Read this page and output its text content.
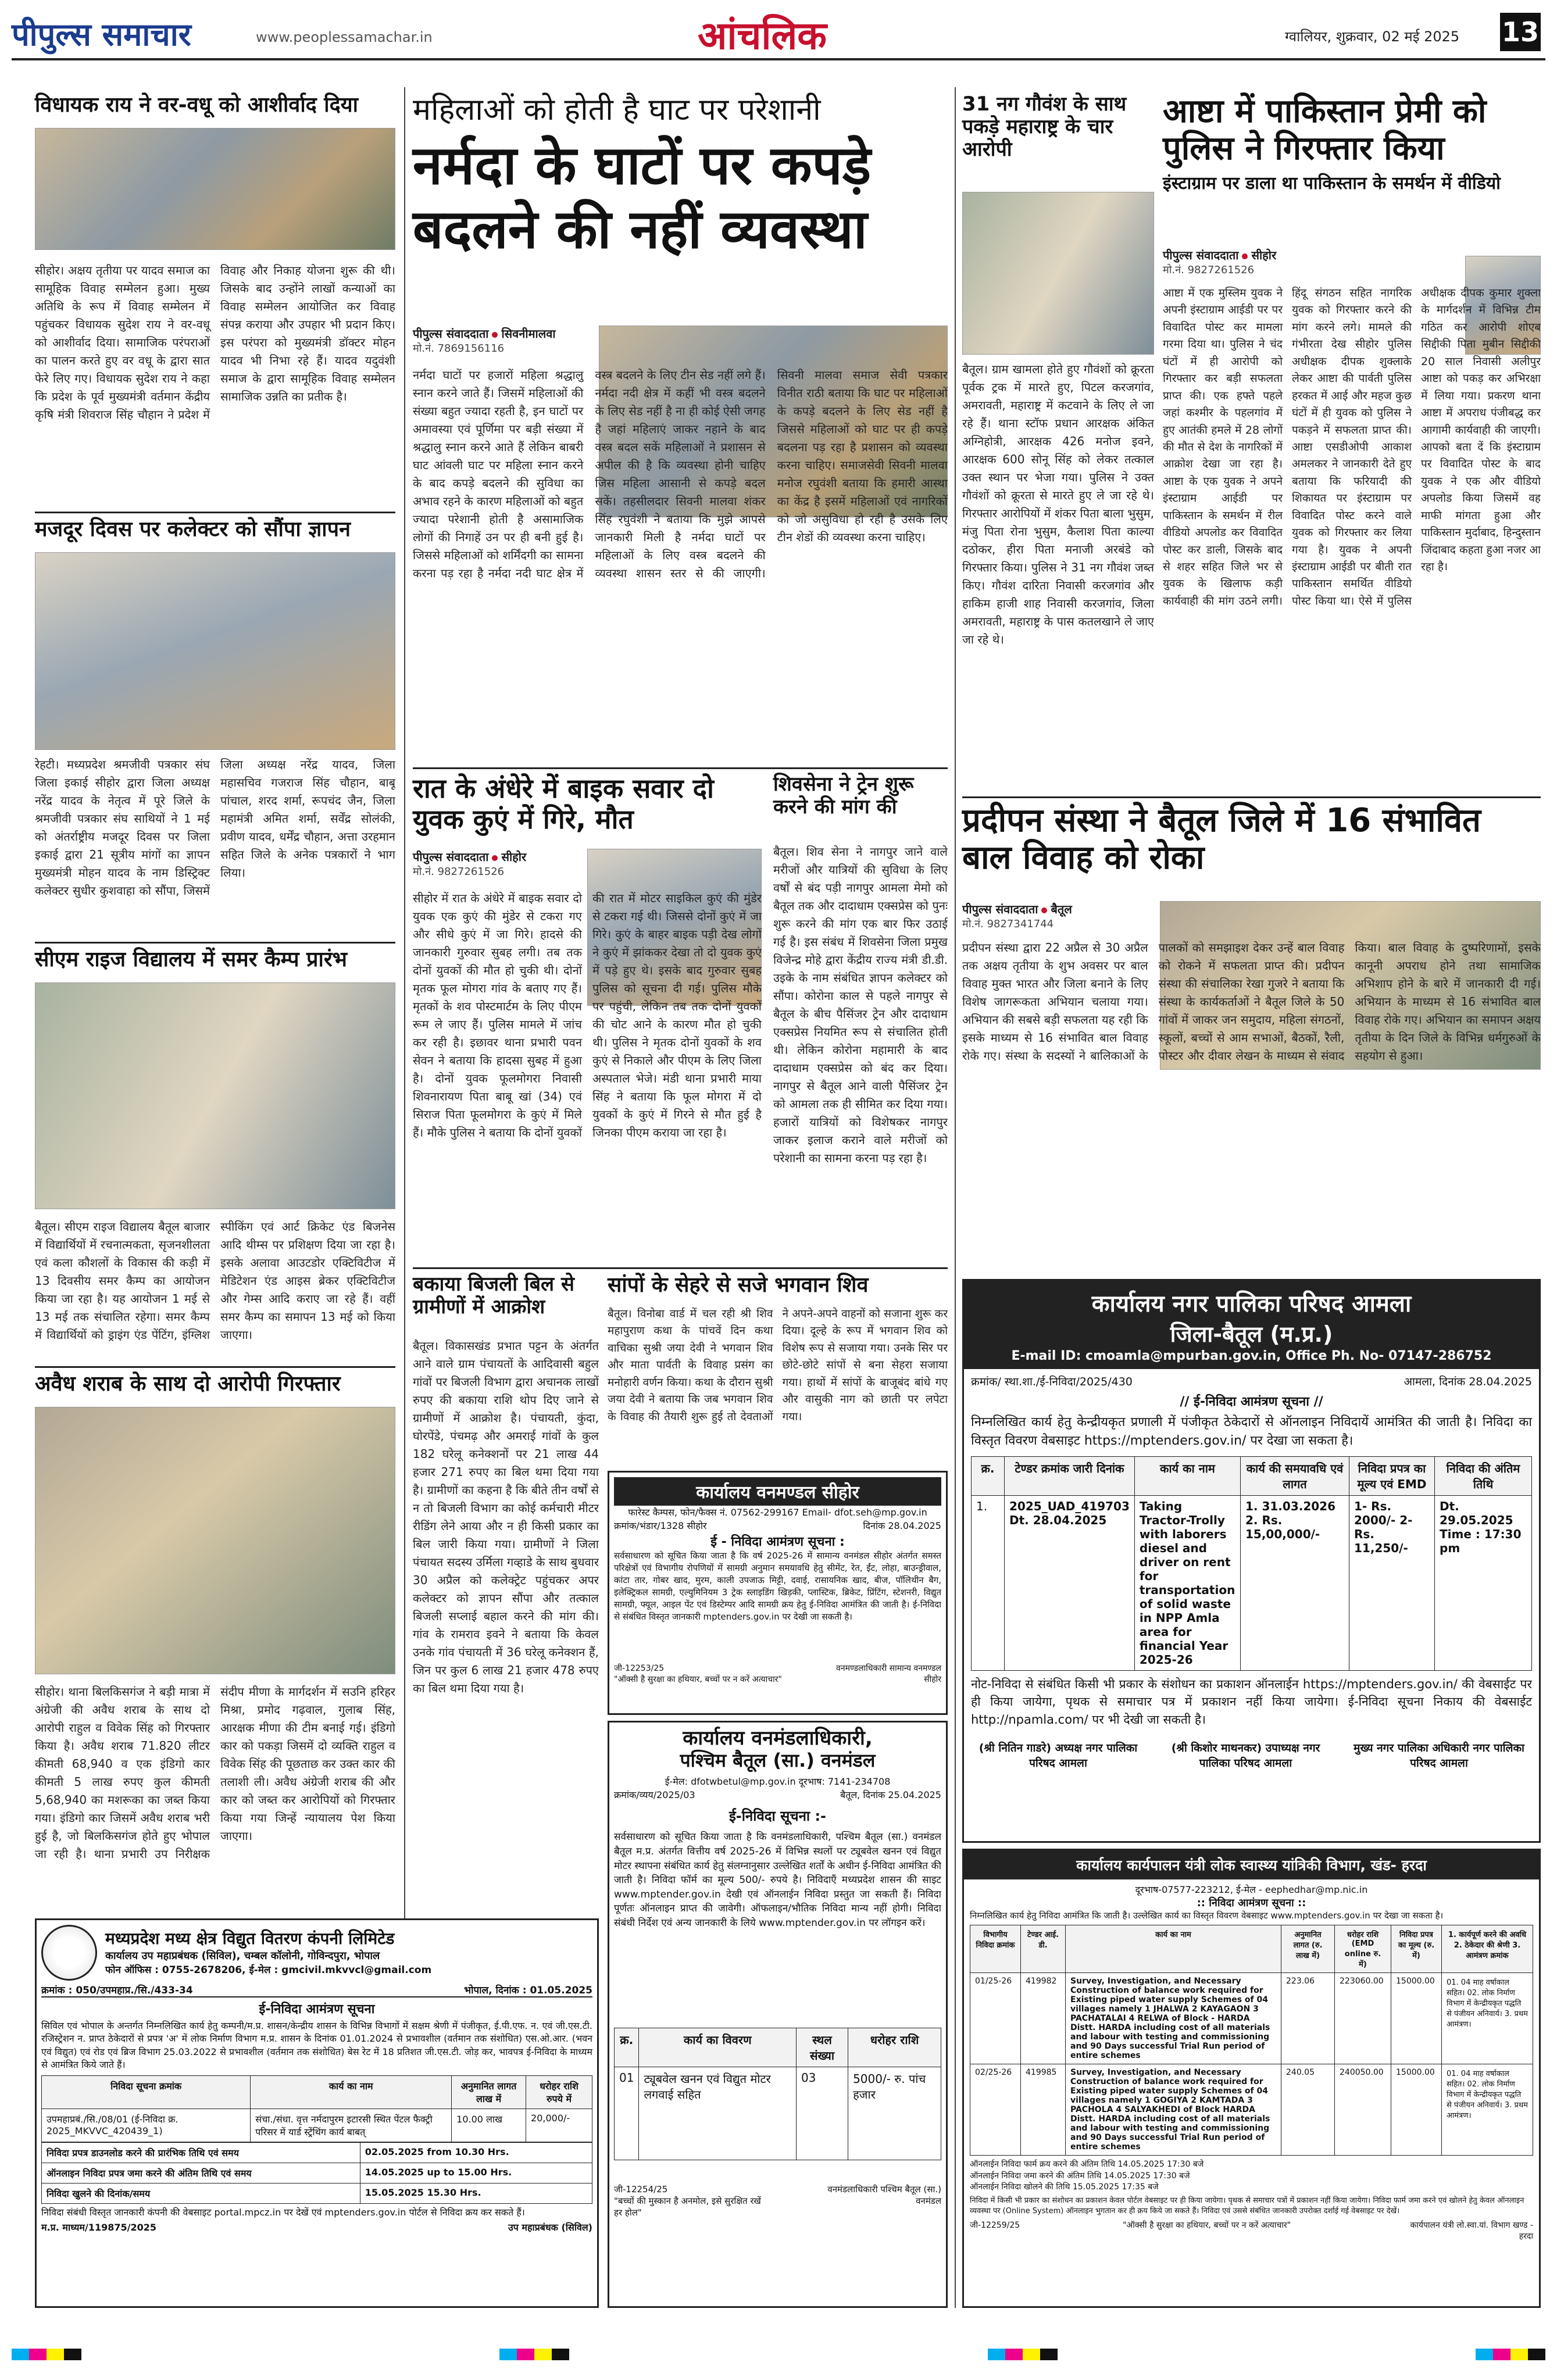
पीपुल्स समाचार	www.peoplessamachar.in	आंचलिक	ग्वालियर, शुक्रवार, 02 मई 2025 13
विधायक राय ने वर-वधू को आशीर्वाद दिया
सीहोर। अक्षय तृतीया पर यादव समाज का सामूहिक विवाह सम्मेलन हुआ। मुख्य अतिथि के रूप में विवाह सम्मेलन में पहुंचकर विधायक सुदेश राय ने वर-वधू को आशीर्वाद दिया। सामाजिक परंपराओं का पालन करते हुए वर वधू के द्वारा सात फेरे लिए गए। विधायक सुदेश राय ने कहा कि प्रदेश के पूर्व मुख्यमंत्री वर्तमान केंद्रीय कृषि मंत्री शिवराज सिंह चौहान ने प्रदेश में विवाह और निकाह योजना शुरू की थी। जिसके बाद उन्होंने लाखों कन्याओं का विवाह सम्मेलन आयोजित कर विवाह संपन्न कराया और उपहार भी प्रदान किए। इस परंपरा को मुख्यमंत्री डॉक्टर मोहन यादव भी निभा रहे हैं। यादव यदुवंशी समाज के द्वारा सामूहिक विवाह सम्मेलन सामाजिक उन्नति का प्रतीक है।
मजदूर दिवस पर कलेक्टर को सौंपा ज्ञापन
रेहटी। मध्यप्रदेश श्रमजीवी पत्रकार संघ जिला इकाई सीहोर द्वारा जिला अध्यक्ष नरेंद्र यादव के नेतृत्व में पूरे जिले के श्रमजीवी पत्रकार संघ साथियों ने 1 मई को अंतर्राष्ट्रीय मजदूर दिवस पर जिला इकाई द्वारा 21 सूत्रीय मांगों का ज्ञापन मुख्यमंत्री मोहन यादव के नाम डिस्ट्रिक्ट कलेक्टर सुधीर कुशवाहा को सौंपा, जिसमें जिला अध्यक्ष नरेंद्र यादव, जिला महासचिव गजराज सिंह चौहान, बाबू पांचाल, शरद शर्मा, रूपचंद जैन, जिला महामंत्री अमित शर्मा, सर्वेंद्र सोलंकी, प्रवीण यादव, धर्मेंद्र चौहान, अत्ता उरहमान सहित जिले के अनेक पत्रकारों ने भाग लिया।
सीएम राइज विद्यालय में समर कैम्प प्रारंभ
बैतूल। सीएम राइज विद्यालय बैतूल बाजार में विद्यार्थियों में रचनात्मकता, सृजनशीलता एवं कला कौशलों के विकास की कड़ी में 13 दिवसीय समर कैम्प का आयोजन किया जा रहा है। यह आयोजन 1 मई से 13 मई तक संचालित रहेगा। समर कैम्प में विद्यार्थियों को ड्राइंग एंड पेंटिंग, इंग्लिश स्पीकिंग एवं आर्ट क्रिकेट एंड बिजनेस आदि थीम्स पर प्रशिक्षण दिया जा रहा है। इसके अलावा आउटडोर एक्टिविटीज में मेडिटेशन एंड आइस ब्रेकर एक्टिविटीज और गेम्स आदि कराए जा रहे हैं। वहीं समर कैम्प का समापन 13 मई को किया जाएगा।
अवैध शराब के साथ दो आरोपी गिरफ्तार
सीहोर। थाना बिलकिसगंज ने बड़ी मात्रा में अंग्रेजी की अवैध शराब के साथ दो आरोपी राहुल व विवेक सिंह को गिरफ्तार किया है। अवैध शराब 71.820 लीटर कीमती 68,940 व एक इंडिगो कार कीमती 5 लाख रुपए कुल कीमती 5,68,940 का मशरूका का जब्त किया गया। इंडिगो कार जिसमें अवैध शराब भरी हुई है, जो बिलकिसगंज होते हुए भोपाल जा रही है। थाना प्रभारी उप निरीक्षक संदीप मीणा के मार्गदर्शन में सउनि हरिहर मिश्रा, प्रमोद गढ़वाल, गुलाब सिंह, आरक्षक मीणा की टीम बनाई गई। इंडिगो कार को पकड़ा जिसमें दो व्यक्ति राहुल व विवेक सिंह की पूछताछ कर उक्त कार की तलाशी ली। अवैध अंग्रेजी शराब की और कार को जब्त कर आरोपियों को गिरफ्तार किया गया जिन्हें न्यायालय पेश किया जाएगा।
महिलाओं को होती है घाट पर परेशानी
नर्मदा के घाटों पर कपड़े बदलने की नहीं व्यवस्था
पीपुल्स संवाददाता सिवनीमालवा
मो.नं. 7869156116
नर्मदा घाटों पर हजारों महिला श्रद्धालु स्नान करने जाते हैं। जिसमें महिलाओं की संख्या बहुत ज्यादा रहती है, इन घाटों पर अमावस्या एवं पूर्णिमा पर बड़ी संख्या में श्रद्धालु स्नान करने आते हैं लेकिन बाबरी घाट आंवली घाट पर महिला स्नान करने के बाद कपड़े बदलने की सुविधा का अभाव रहने के कारण महिलाओं को बहुत ज्यादा परेशानी होती है असामाजिक लोगों की निगाहें उन पर ही बनी हुई है। जिससे महिलाओं को शर्मिंदगी का सामना करना पड़ रहा है नर्मदा नदी घाट क्षेत्र में वस्त्र बदलने के लिए टीन सेड नहीं लगे हैं। नर्मदा नदी क्षेत्र में कहीं भी वस्त्र बदलने के लिए सेड नहीं है ना ही कोई ऐसी जगह है जहां महिलाएं जाकर नहाने के बाद वस्त्र बदल सकें महिलाओं ने प्रशासन से अपील की है कि व्यवस्था होनी चाहिए जिस महिला आसानी से कपड़े बदल सकें। तहसीलदार सिवनी मालवा शंकर सिंह रघुवंशी ने बताया कि मुझे आपसे जानकारी मिली है नर्मदा घाटों पर महिलाओं के लिए वस्त्र बदलने की व्यवस्था शासन स्तर से की जाएगी। सिवनी मालवा समाज सेवी पत्रकार विनीत राठी बताया कि घाट पर महिलाओं के कपड़े बदलने के लिए सेड नहीं है जिससे महिलाओं को घाट पर ही कपड़े बदलना पड़ रहा है प्रशासन को व्यवस्था करना चाहिए। समाजसेवी सिवनी मालवा मनोज रघुवंशी बताया कि हमारी आस्था का केंद्र है इसमें महिलाओं एवं नागरिकों को जो असुविधा हो रही है उसके लिए टीन शेडों की व्यवस्था करना चाहिए।
रात के अंधेरे में बाइक सवार दो युवक कुएं में गिरे, मौत
पीपुल्स संवाददाता सीहोर
मो.नं. 9827261526
सीहोर में रात के अंधेरे में बाइक सवार दो युवक एक कुएं की मुंडेर से टकरा गए और सीधे कुएं में जा गिरे। हादसे की जानकारी गुरुवार सुबह लगी। तब तक दोनों युवकों की मौत हो चुकी थी। दोनों मृतक फूल मोगरा गांव के बताए गए हैं। मृतकों के शव पोस्टमार्टम के लिए पीएम रूम ले जाए हैं। पुलिस मामले में जांच कर रही है। इछावर थाना प्रभारी पवन सेवन ने बताया कि हादसा सुबह में हुआ है। दोनों युवक फूलमोगरा निवासी शिवनारायण पिता बाबू खां (34) एवं सिराज पिता फूलमोगरा के कुएं में मिले हैं। मौके पुलिस ने बताया कि दोनों युवकों की रात में मोटर साइकिल कुएं की मुंडेर से टकरा गई थी। जिससे दोनों कुएं में जा गिरे। कुएं के बाहर बाइक पड़ी देख लोगों ने कुएं में झांककर देखा तो दो युवक कुएं में पड़े हुए थे। इसके बाद गुरुवार सुबह पुलिस को सूचना दी गई। पुलिस मौके पर पहुंची, लेकिन तब तक दोनों युवकों की चोट आने के कारण मौत हो चुकी थी। पुलिस ने मृतक दोनों युवकों के शव कुएं से निकाले और पीएम के लिए जिला अस्पताल भेजे। मंडी थाना प्रभारी माया सिंह ने बताया कि फूल मोगरा में दो युवकों के कुएं में गिरने से मौत हुई है जिनका पीएम कराया जा रहा है।
शिवसेना ने ट्रेन शुरू करने की मांग की
बैतूल। शिव सेना ने नागपुर जाने वाले मरीजों और यात्रियों की सुविधा के लिए वर्षों से बंद पड़ी नागपुर आमला मेमो को बैतूल तक और दादाधाम एक्सप्रेस को पुनः शुरू करने की मांग एक बार फिर उठाई गई है। इस संबंध में शिवसेना जिला प्रमुख विजेन्द्र मोहे द्वारा केंद्रीय राज्य मंत्री डी.डी. उइके के नाम संबंधित ज्ञापन कलेक्टर को सौंपा। कोरोना काल से पहले नागपुर से बैतूल के बीच पैसिंजर ट्रेन और दादाधाम एक्सप्रेस नियमित रूप से संचालित होती थी। लेकिन कोरोना महामारी के बाद दादाधाम एक्सप्रेस को बंद कर दिया। नागपुर से बैतूल आने वाली पैसिंजर ट्रेन को आमला तक ही सीमित कर दिया गया। हजारों यात्रियों को विशेषकर नागपुर जाकर इलाज कराने वाले मरीजों को परेशानी का सामना करना पड़ रहा है।
बकाया बिजली बिल से ग्रामीणों में आक्रोश
बैतूल। विकासखंड प्रभात पट्टन के अंतर्गत आने वाले ग्राम पंचायतों के आदिवासी बहुल गांवों पर बिजली विभाग द्वारा अचानक लाखों रुपए की बकाया राशि थोप दिए जाने से ग्रामीणों में आक्रोश है। पंचायती, कुंदा, घोरपेंडे, पंचमढ़ और अमराई गांवों के कुल 182 घरेलू कनेक्शनों पर 21 लाख 44 हजार 271 रुपए का बिल थमा दिया गया है। ग्रामीणों का कहना है कि बीते तीन वर्षों से न तो बिजली विभाग का कोई कर्मचारी मीटर रीडिंग लेने आया और न ही किसी प्रकार का बिल जारी किया गया। ग्रामीणों ने जिला पंचायत सदस्य उर्मिला गव्हाडे के साथ बुधवार 30 अप्रैल को कलेक्ट्रेट पहुंचकर अपर कलेक्टर को ज्ञापन सौंपा और तत्काल बिजली सप्लाई बहाल करने की मांग की। गांव के रामराव इवने ने बताया कि केवल उनके गांव पंचायती में 36 घरेलू कनेक्शन हैं, जिन पर कुल 6 लाख 21 हजार 478 रुपए का बिल थमा दिया गया है।
सांपों के सेहरे से सजे भगवान शिव
बैतूल। विनोबा वार्ड में चल रही श्री शिव महापुराण कथा के पांचवें दिन कथा वाचिका सुश्री जया देवी ने भगवान शिव और माता पार्वती के विवाह प्रसंग का मनोहारी वर्णन किया। कथा के दौरान सुश्री जया देवी ने बताया कि जब भगवान शिव के विवाह की तैयारी शुरू हुई तो देवताओं ने अपने-अपने वाहनों को सजाना शुरू कर दिया। दूल्हे के रूप में भगवान शिव को विशेष रूप से सजाया गया। उनके सिर पर छोटे-छोटे सांपों से बना सेहरा सजाया गया। हाथों में सांपों के बाजूबंद बांधे गए और वासुकी नाग को छाती पर लपेटा गया।
कार्यालय वनमण्डल सीहोर
फारेस्ट कैम्पस, फोन/फैक्स नं. 07562-299167 Email- dfot.seh@mp.gov.in
क्रमांक/भंडार/1328 सीहोर	दिनांक 28.04.2025
ई - निविदा आमंत्रण सूचना :
सर्वसाधारण को सूचित किया जाता है कि वर्ष 2025-26 में सामान्य वनमंडल सीहोर अंतर्गत समस्त परिक्षेत्रों एवं विभागीय रोपणियों में सामग्री अनुमान समयावधि हेतु सीमेंट, रेत, ईंट, लोहा, बाउन्ड्रीवाल, कांटा तार, गोबर खाद, मुरम, काली उपजाऊ मिट्टी, दवाई, रासायनिक खाद, बीज, पॉलिथीन बैग, इलेक्ट्रिकल सामग्री, एल्युमिनियम 3 ट्रेक स्लाइडिंग खिड़की, प्लास्टिक, ब्रिकेट, प्रिंटिंग, स्टेशनरी, विद्युत सामग्री, फ्यूल, आइल पेंट एवं डिस्टेम्पर आदि सामग्री क्रय हेतु ई-निविदा आमंत्रित की जाती है। ई-निविदा से संबंधित विस्तृत जानकारी mptenders.gov.in पर देखी जा सकती है।
जी-12253/25
"ऑक्सी है सुरक्षा का हथियार, बच्चों पर न करें अत्याचार"
वनमण्डलाधिकारी सामान्य वनमण्डल सीहोर
कार्यालय वनमंडलाधिकारी,
पश्चिम बैतूल (सा.) वनमंडल
ई-मेल: dfotwbetul@mp.gov.in दूरभाष: 7141-234708
क्रमांक/व्यय/2025/03	बैतूल, दिनांक 25.04.2025
ई-निविदा सूचना :-
सर्वसाधारण को सूचित किया जाता है कि वनमंडलाधिकारी, पश्चिम बैतूल (सा.) वनमंडल बैतूल म.प्र. अंतर्गत वित्तीय वर्ष 2025-26 में विभिन्न स्थलों पर ट्यूबवेल खनन एवं विद्युत मोटर स्थापना संबंधित कार्य हेतु संलग्नानुसार उल्लेखित शर्तों के अधीन ई-निविदा आमंत्रित की जाती है। निविदा फॉर्म का मूल्य 500/- रुपये है। निविदाएँ मध्यप्रदेश शासन की साइट www.mptender.gov.in देखी एवं ऑनलाईन निविदा प्रस्तुत जा सकती हैं। निविदा पूर्णतः ऑनलाइन प्राप्त की जावेगी। ऑफलाइन/भौतिक निविदा मान्य नहीं होगी। निविदा संबंधी निर्देश एवं अन्य जानकारी के लिये www.mptender.gov.in पर लॉगइन करें।
क्र.	कार्य का विवरण	स्थल संख्या	धरोहर राशि
01	ट्यूबवेल खनन एवं विद्युत मोटर लगवाई सहित	03	5000/- रु. पांच हजार
जी-12254/25
"बच्चों की मुस्कान है अनमोल, इसे सुरक्षित रखें हर होल"
वनमंडलाधिकारी पश्चिम बैतूल (सा.) वनमंडल
31 नग गौवंश के साथ पकड़े महाराष्ट्र के चार आरोपी
बैतूल। ग्राम खामला होते हुए गौवंशों को क्रूरता पूर्वक ट्रक में मारते हुए, पिटल करजगांव, अमरावती, महाराष्ट्र में कटवाने के लिए ले जा रहे हैं। थाना स्टॉफ प्रधान आरक्षक अंकित अग्निहोत्री, आरक्षक 426 मनोज इवने, आरक्षक 600 सोनू सिंह को लेकर तत्काल उक्त स्थान पर भेजा गया। पुलिस ने उक्त गौवंशों को क्रूरता से मारते हुए ले जा रहे थे। गिरफ्तार आरोपियों में शंकर पिता बाला भुसुम, मंजु पिता रोना भुसुम, कैलाश पिता काल्या दठोकर, हीरा पिता मनाजी अरबंडे को गिरफ्तार किया। पुलिस ने 31 नग गौवंश जब्त किए। गौवंश दारिता निवासी करजगांव और हाकिम हाजी शाह निवासी करजगांव, जिला अमरावती, महाराष्ट्र के पास कतलखाने ले जाए जा रहे थे।
आष्टा में पाकिस्तान प्रेमी को पुलिस ने गिरफ्तार किया
इंस्टाग्राम पर डाला था पाकिस्तान के समर्थन में वीडियो
पीपुल्स संवाददाता सीहोर
मो.नं. 9827261526
आष्टा में एक मुस्लिम युवक ने अपनी इंस्टाग्राम आईडी पर पर विवादित पोस्ट कर मामला गरमा दिया था। पुलिस ने चंद घंटों में ही आरोपी को गिरफ्तार कर बड़ी सफलता प्राप्त की। एक हफ्ते पहले जहां कश्मीर के पहलगांव में हुए आतंकी हमले में 28 लोगों की मौत से देश के नागरिकों में आक्रोश देखा जा रहा है। आष्टा के एक युवक ने अपने इंस्टाग्राम आईडी पर पाकिस्तान के समर्थन में रील वीडियो अपलोड कर विवादित पोस्ट कर डाली, जिसके बाद से शहर सहित जिले भर से युवक के खिलाफ कड़ी कार्यवाही की मांग उठने लगी। हिंदू संगठन सहित नागरिक युवक को गिरफ्तार करने की मांग करने लगे। मामले की गंभीरता देख सीहोर पुलिस अधीक्षक दीपक शुक्लाके लेकर आष्टा की पार्वती पुलिस हरकत में आई और महज कुछ घंटों में ही युवक को पुलिस ने पकड़ने में सफलता प्राप्त की। आष्टा एसडीओपी आकाश अमलकर ने जानकारी देते हुए बताया कि फरियादी की शिकायत पर इंस्टाग्राम पर विवादित पोस्ट करने वाले युवक को गिरफ्तार कर लिया गया है। युवक ने अपनी इंस्टाग्राम आईडी पर बीती रात पाकिस्तान समर्थित वीडियो पोस्ट किया था। ऐसे में पुलिस अधीक्षक दीपक कुमार शुक्ला के मार्गदर्शन में विभिन्न टीम गठित कर आरोपी शोएब सिद्दीकी पिता मुबीन सिद्दीकी 20 साल निवासी अलीपुर आष्टा को पकड़ कर अभिरक्षा में लिया गया। प्रकरण थाना आष्टा में अपराध पंजीबद्ध कर आगामी कार्यवाही की जाएगी। आपको बता दें कि इंस्टाग्राम पर विवादित पोस्ट के बाद युवक ने एक और वीडियो अपलोड किया जिसमें वह माफी मांगता हुआ और पाकिस्तान मुर्दाबाद, हिन्दुस्तान जिंदाबाद कहता हुआ नजर आ रहा है।
प्रदीपन संस्था ने बैतूल जिले में 16 संभावित बाल विवाह को रोका
पीपुल्स संवाददाता बैतूल
मो.नं. 9827341744
प्रदीपन संस्था द्वारा 22 अप्रैल से 30 अप्रैल तक अक्षय तृतीया के शुभ अवसर पर बाल विवाह मुक्त भारत और जिला बनाने के लिए विशेष जागरूकता अभियान चलाया गया। अभियान की सबसे बड़ी सफलता यह रही कि इसके माध्यम से 16 संभावित बाल विवाह रोके गए। संस्था के सदस्यों ने बालिकाओं के पालकों को समझाइश देकर उन्हें बाल विवाह को रोकने में सफलता प्राप्त की। प्रदीपन संस्था की संचालिका रेखा गुजरे ने बताया कि संस्था के कार्यकर्ताओं ने बैतूल जिले के 50 गांवों में जाकर जन समुदाय, महिला संगठनों, स्कूलों, बच्चों से आम सभाओं, बैठकों, रैली, पोस्टर और दीवार लेखन के माध्यम से संवाद किया। बाल विवाह के दुष्परिणामों, इसके कानूनी अपराध होने तथा सामाजिक अभिशाप होने के बारे में जानकारी दी गई। अभियान के माध्यम से 16 संभावित बाल विवाह रोके गए। अभियान का समापन अक्षय तृतीया के दिन जिले के विभिन्न धर्मगुरुओं के सहयोग से हुआ।
कार्यालय नगर पालिका परिषद आमला
जिला-बैतूल (म.प्र.)
E-mail ID: cmoamla@mpurban.gov.in, Office Ph. No- 07147-286752
क्रमांक/ स्था.शा./ई-निविदा/2025/430	आमला, दिनांक 28.04.2025
// ई-निविदा आमंत्रण सूचना //
निम्नलिखित कार्य हेतु केन्द्रीयकृत प्रणाली में पंजीकृत ठेकेदारों से ऑनलाइन निविदायें आमंत्रित की जाती है। निविदा का विस्तृत विवरण वेबसाइट https://mptenders.gov.in/ पर देखा जा सकता है।
क्र.	टेण्डर क्रमांक जारी दिनांक	कार्य का नाम	कार्य की समयावधि एवं लागत	निविदा प्रपत्र का मूल्य एवं EMD	निविदा की अंतिम तिथि
1.	2025_UAD_419703 Dt. 28.04.2025	Taking Tractor-Trolly with laborers diesel and driver on rent for transportation of solid waste in NPP Amla area for financial Year 2025-26	1. 31.03.2026 2. Rs. 15,00,000/-	1- Rs. 2000/- 2- Rs. 11,250/-	Dt. 29.05.2025 Time : 17:30 pm
नोट-निविदा से संबंधित किसी भी प्रकार के संशोधन का प्रकाशन ऑनलाईन https://mptenders.gov.in/ की वेबसाईट पर ही किया जायेगा, पृथक से समाचार पत्र में प्रकाशन नहीं किया जायेगा। ई-निविदा सूचना निकाय की वेबसाईट http://npamla.com/ पर भी देखी जा सकती है।
(श्री नितिन गाडरे) अध्यक्ष नगर पालिका परिषद आमला
(श्री किशोर माथनकर) उपाध्यक्ष नगर पालिका परिषद आमला
मुख्य नगर पालिका अधिकारी नगर पालिका परिषद आमला
कार्यालय कार्यपालन यंत्री लोक स्वास्थ्य यांत्रिकी विभाग, खंड- हरदा
दूरभाष-07577-223212, ई-मेल - eephedhar@mp.nic.in
:: निविदा आमंत्रण सूचना ::
निम्नलिखित कार्य हेतु निविदा आमंत्रित कि जाती है। उल्लेखित कार्य का विस्तृत विवरण वेबसाइट www.mptenders.gov.in पर देखा जा सकता है।
विभागीय निविदा क्रमांक	टेण्डर आई. डी.	कार्य का नाम	अनुमानित लागत (रु. लाख में)	धरोहर राशि (EMD online रु. में)	निविदा प्रपत्र का मूल्य (रु. में)	1. कार्यपूर्ण करने की अवधि 2. ठेकेदार की श्रेणी 3. आमंत्रण क्रमांक
01/25-26	419982	Survey, Investigation, and Necessary Construction of balance work required for Existing piped water supply Schemes of 04 villages namely 1 JHALWA 2 KAYAGAON 3 PACHATALAI 4 RELWA of Block - HARDA Distt. HARDA including cost of all materials and labour with testing and commissioning and 90 Days successful Trial Run period of entire schemes	223.06	223060.00	15000.00	01. 04 माह वर्षाकाल सहित। 02. लोक निर्माण विभाग में केन्द्रीयकृत पद्धति से पंजीयन अनिवार्य। 3. प्रथम आमंत्रण।
02/25-26	419985	Survey, Investigation, and Necessary Construction of balance work required for Existing piped water supply Schemes of 04 villages namely 1 GOGIYA 2 KAMTADA 3 PACHOLA 4 SALYAKHEDI of Block HARDA Distt. HARDA including cost of all materials and labour with testing and commissioning and 90 Days successful Trial Run period of entire schemes	240.05	240050.00	15000.00	01. 04 माह वर्षाकाल सहित। 02. लोक निर्माण विभाग में केन्द्रीयकृत पद्धति से पंजीयन अनिवार्य। 3. प्रथम आमंत्रण।
ऑनलाईन निविदा फार्म क्रय करने की अंतिम तिथि 14.05.2025 17:30 बजे
ऑनलाईन निविदा जमा करने की अंतिम तिथि 14.05.2025 17:30 बजे
ऑनलाईन निविदा खोलने की तिथि 15.05.2025 17:35 बजे
निविदा में किसी भी प्रकार का संशोधन का प्रकाशन केवल पोर्टल वेबसाइट पर ही किया जायेगा। पृथक से समाचार पत्रों में प्रकाशन नहीं किया जायेगा। निविदा फार्म जमा करने एवं खोलने हेतु केवल ऑनलाइन व्यवस्था पर (Online System) ऑनलाइन भुगतान कर ही क्रय किये जा सकते हैं। निविदा एवं उससे संबंधित जानकारी उपरोक्त दर्शाई गई वेबसाइट पर देखें।
जी-12259/25	"ऑक्सी है सुरक्षा का हथियार, बच्चों पर न करें अत्याचार"	कार्यपालन यंत्री लो.स्वा.यां. विभाग खण्ड - हरदा
मध्यप्रदेश मध्य क्षेत्र विद्युत वितरण कंपनी लिमिटेड
कार्यालय उप महाप्रबंधक (सिविल), चम्बल कॉलोनी, गोविन्दपुरा, भोपाल
फोन ऑफिस : 0755-2678206, ई-मेल : gmcivil.mkvvcl@gmail.com
क्रमांक : 050/उपमहाप्र./सि./433-34	भोपाल, दिनांक : 01.05.2025
ई-निविदा आमंत्रण सूचना
सिविल एवं भोपाल के अन्तर्गत निम्नलिखित कार्य हेतु कम्पनी/म.प्र. शासन/केन्द्रीय शासन के विभिन्न विभागों में सक्षम श्रेणी में पंजीकृत, ई.पी.एफ. न. एवं जी.एस.टी. रजिस्ट्रेशन न. प्राप्त ठेकेदारों से प्रपत्र 'अ' में लोक निर्माण विभाग म.प्र. शासन के दिनांक 01.01.2024 से प्रभावशील (वर्तमान तक संशोधित) एस.ओ.आर. (भवन एवं विद्युत) एवं रोड एवं ब्रिज विभाग 25.03.2022 से प्रभावशील (वर्तमान तक संशोधित) बेस रेट में 18 प्रतिशत जी.एस.टी. जोड़ कर, भावपत्र ई-निविदा के माध्यम से आमंत्रित किये जाते हैं।
निविदा सूचना क्रमांक	कार्य का नाम	अनुमानित लागत लाख में	धरोहर राशि रुपये में
उपमहाप्रबं./सि./08/01 (ई-निविदा क्र. 2025_MKVVC_420439_1)	संचा./संधा. वृत्त नर्मदापुरम इटारसी स्थित पेंटल फैक्ट्री परिसर में यार्ड स्ट्रेंथिंग कार्य बाबत्	10.00 लाख	20,000/-
निविदा प्रपत्र डाउनलोड करने की प्रारंभिक तिथि एवं समय	02.05.2025 from 10.30 Hrs.
ऑनलाइन निविदा प्रपत्र जमा करने की अंतिम तिथि एवं समय	14.05.2025 up to 15.00 Hrs.
निविदा खुलने की दिनांक/समय	15.05.2025 15.30 Hrs.
निविदा संबंधी विस्तृत जानकारी कंपनी की वेबसाइट portal.mpcz.in पर देखें एवं mptenders.gov.in पोर्टल से निविदा क्रय कर सकते हैं।
म.प्र. माध्यम/119875/2025	उप महाप्रबंधक (सिविल)
